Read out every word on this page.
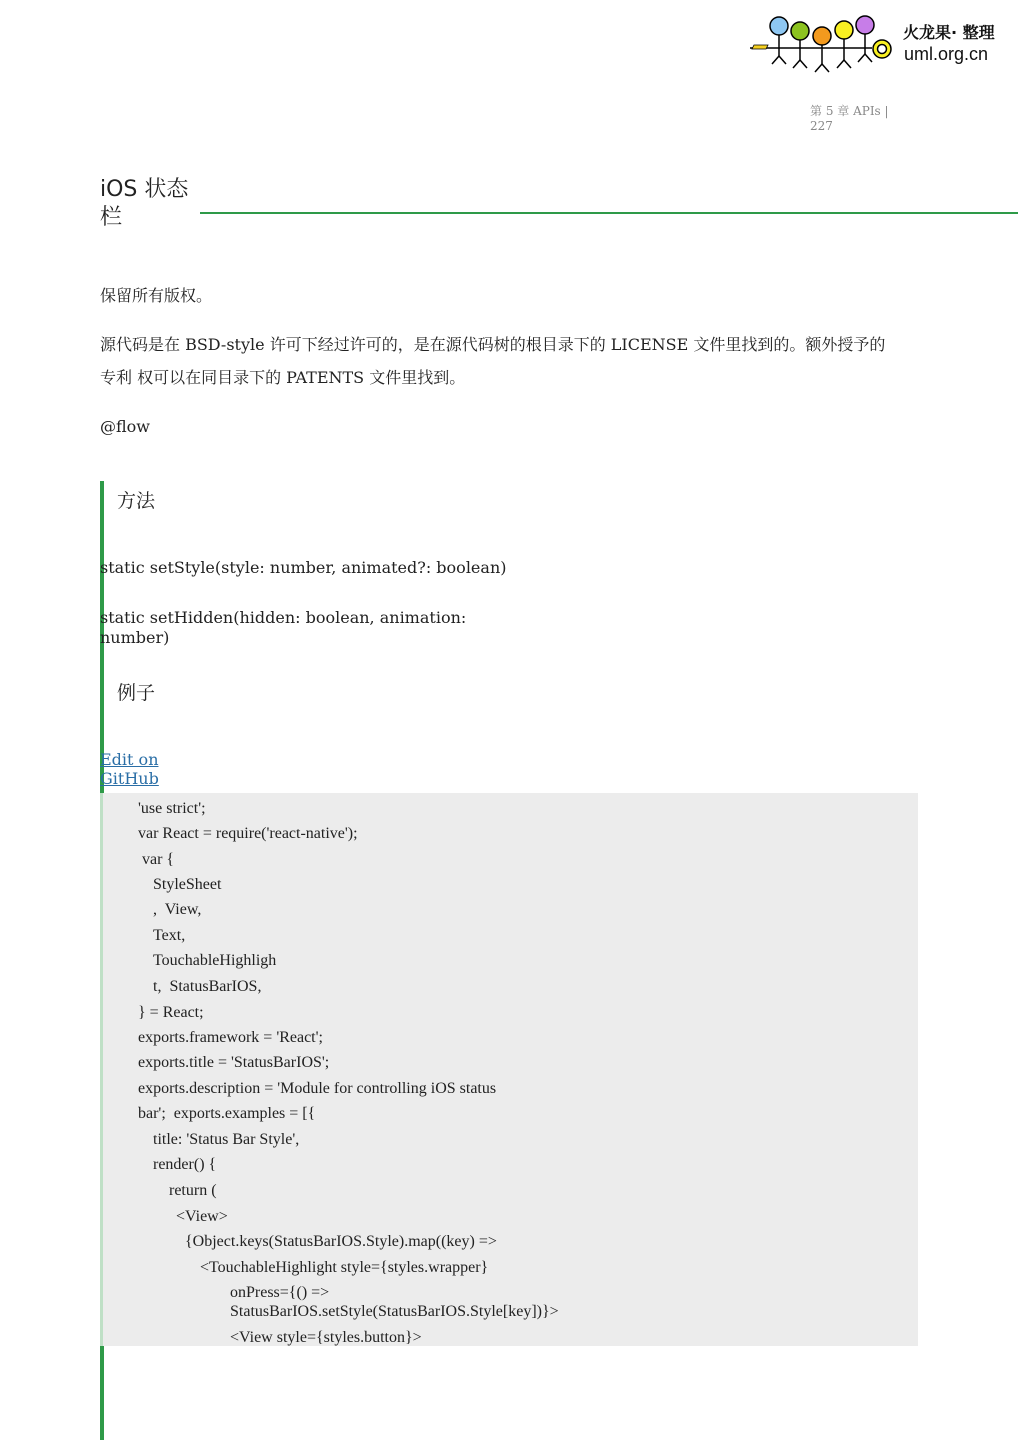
火龙果· 整理
uml.org.cn
第 5 章 APIs |
227
iOS 状态
栏
保留所有版权。
源代码是在 BSD-style 许可下经过许可的，是在源代码树的根目录下的 LICENSE 文件里找到的。额外授予的
专利 权可以在同目录下的 PATENTS 文件里找到。
@flow
方法
static setStyle(style: number, animated?: boolean)
static setHidden(hidden: boolean, animation:
number)
例子
Edit on
GitHub
'use strict';
var React = require('react-native');
var {
StyleSheet
,  View,
Text,
TouchableHighligh
t,  StatusBarIOS,
} = React;
exports.framework = 'React';
exports.title = 'StatusBarIOS';
exports.description = 'Module for controlling iOS status
bar';  exports.examples = [{
title: 'Status Bar Style',
render() {
return (
<View>
{Object.keys(StatusBarIOS.Style).map((key) =>
<TouchableHighlight style={styles.wrapper}
onPress={() =>
StatusBarIOS.setStyle(StatusBarIOS.Style[key])}>
<View style={styles.button}>
